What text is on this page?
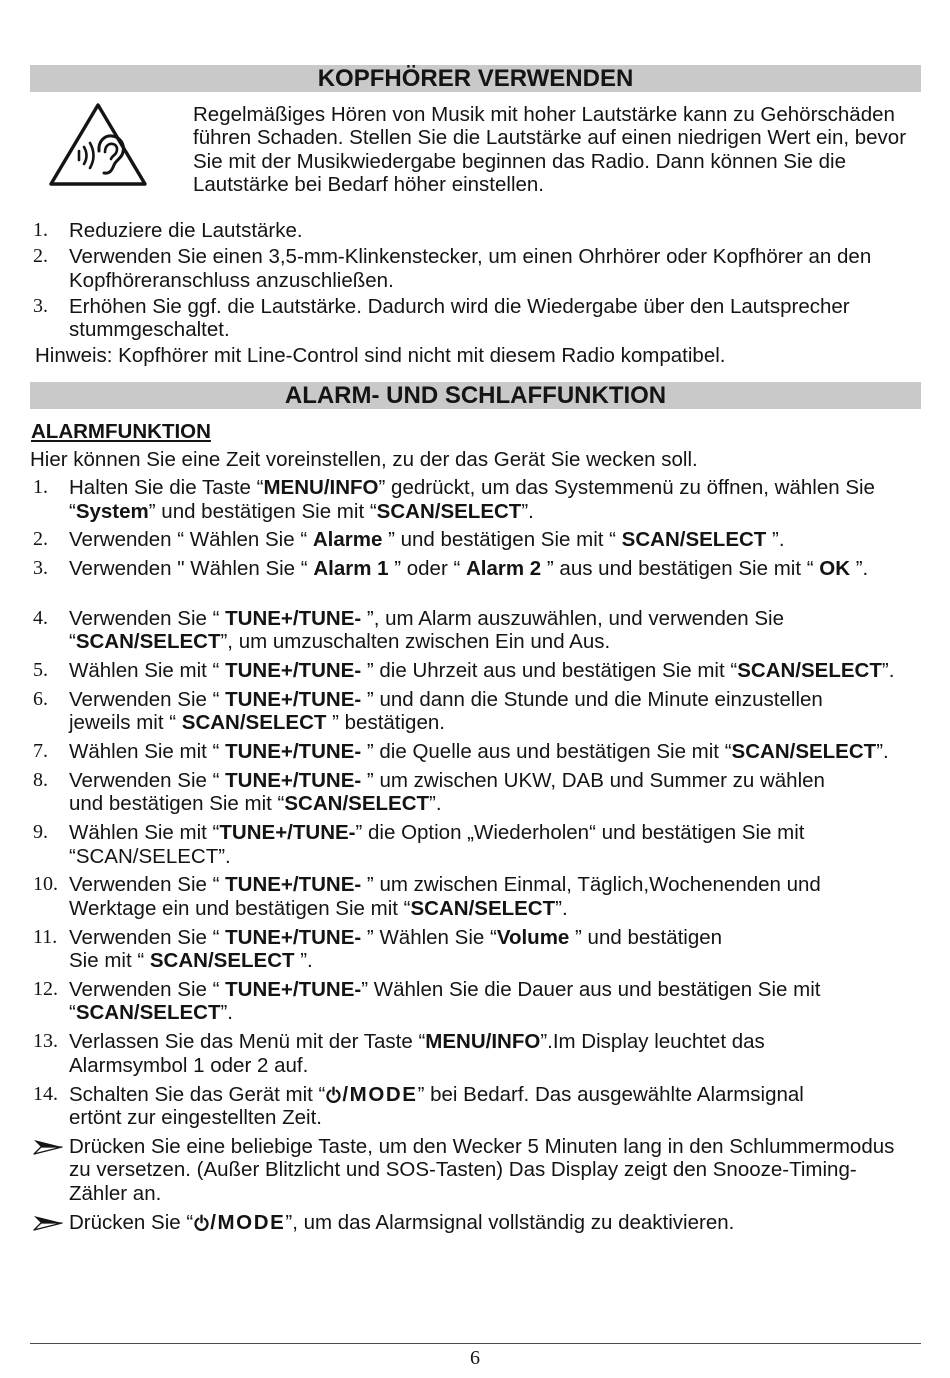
KOPFHÖRER VERWENDEN
Regelmäßiges Hören von Musik mit hoher Lautstärke kann zu Gehörschäden
führen Schaden. Stellen Sie die Lautstärke auf einen niedrigen Wert ein, bevor
Sie mit der Musikwiedergabe beginnen das Radio. Dann können Sie die
Lautstärke bei Bedarf höher einstellen.
1. Reduziere die Lautstärke.
2. Verwenden Sie einen 3,5-mm-Klinkenstecker, um einen Ohrhörer oder Kopfhörer an den
Kopfhöreranschluss anzuschließen.
3. Erhöhen Sie ggf. die Lautstärke. Dadurch wird die Wiedergabe über den Lautsprecher
stummgeschaltet.
Hinweis: Kopfhörer mit Line-Control sind nicht mit diesem Radio kompatibel.
ALARM- UND SCHLAFFUNKTION
ALARMFUNKTION
Hier können Sie eine Zeit voreinstellen, zu der das Gerät Sie wecken soll.
1. Halten Sie die Taste “MENU/INFO” gedrückt, um das Systemmenü zu öffnen, wählen Sie
“System” und bestätigen Sie mit “SCAN/SELECT”.
2. Verwenden “ Wählen Sie “ Alarme ” und bestätigen Sie mit “ SCAN/SELECT ”.
3. Verwenden " Wählen Sie “ Alarm 1 ” oder “ Alarm 2 ” aus und bestätigen Sie mit “ OK ”.
4. Verwenden Sie “ TUNE+/TUNE- ”, um Alarm auszuwählen, und verwenden Sie
“SCAN/SELECT”, um umzuschalten zwischen Ein und Aus.
5. Wählen Sie mit “ TUNE+/TUNE- ” die Uhrzeit aus und bestätigen Sie mit “SCAN/SELECT”.
6. Verwenden Sie “ TUNE+/TUNE- ” und dann die Stunde und die Minute einzustellen
jeweils mit “ SCAN/SELECT ” bestätigen.
7. Wählen Sie mit “ TUNE+/TUNE- ” die Quelle aus und bestätigen Sie mit “SCAN/SELECT”.
8. Verwenden Sie “ TUNE+/TUNE- ” um zwischen UKW, DAB und Summer zu wählen
und bestätigen Sie mit “SCAN/SELECT”.
9. Wählen Sie mit “TUNE+/TUNE-” die Option „Wiederholen“ und bestätigen Sie mit
“SCAN/SELECT”.
10. Verwenden Sie “ TUNE+/TUNE- ” um zwischen Einmal, Täglich,Wochenenden und
Werktage ein und bestätigen Sie mit “SCAN/SELECT”.
11. Verwenden Sie “ TUNE+/TUNE- ” Wählen Sie “Volume ” und bestätigen
Sie mit “ SCAN/SELECT ”.
12. Verwenden Sie “ TUNE+/TUNE-” Wählen Sie die Dauer aus und bestätigen Sie mit
“SCAN/SELECT”.
13. Verlassen Sie das Menü mit der Taste “MENU/INFO”.Im Display leuchtet das
Alarmsymbol 1 oder 2 auf.
14. Schalten Sie das Gerät mit “ /MODE” bei Bedarf. Das ausgewählte Alarmsignal
ertönt zur eingestellten Zeit.
Drücken Sie eine beliebige Taste, um den Wecker 5 Minuten lang in den Schlummermodus
zu versetzen. (Außer Blitzlicht und SOS-Tasten) Das Display zeigt den Snooze-Timing-
Zähler an.
Drücken Sie “ /MODE”, um das Alarmsignal vollständig zu deaktivieren.
6
